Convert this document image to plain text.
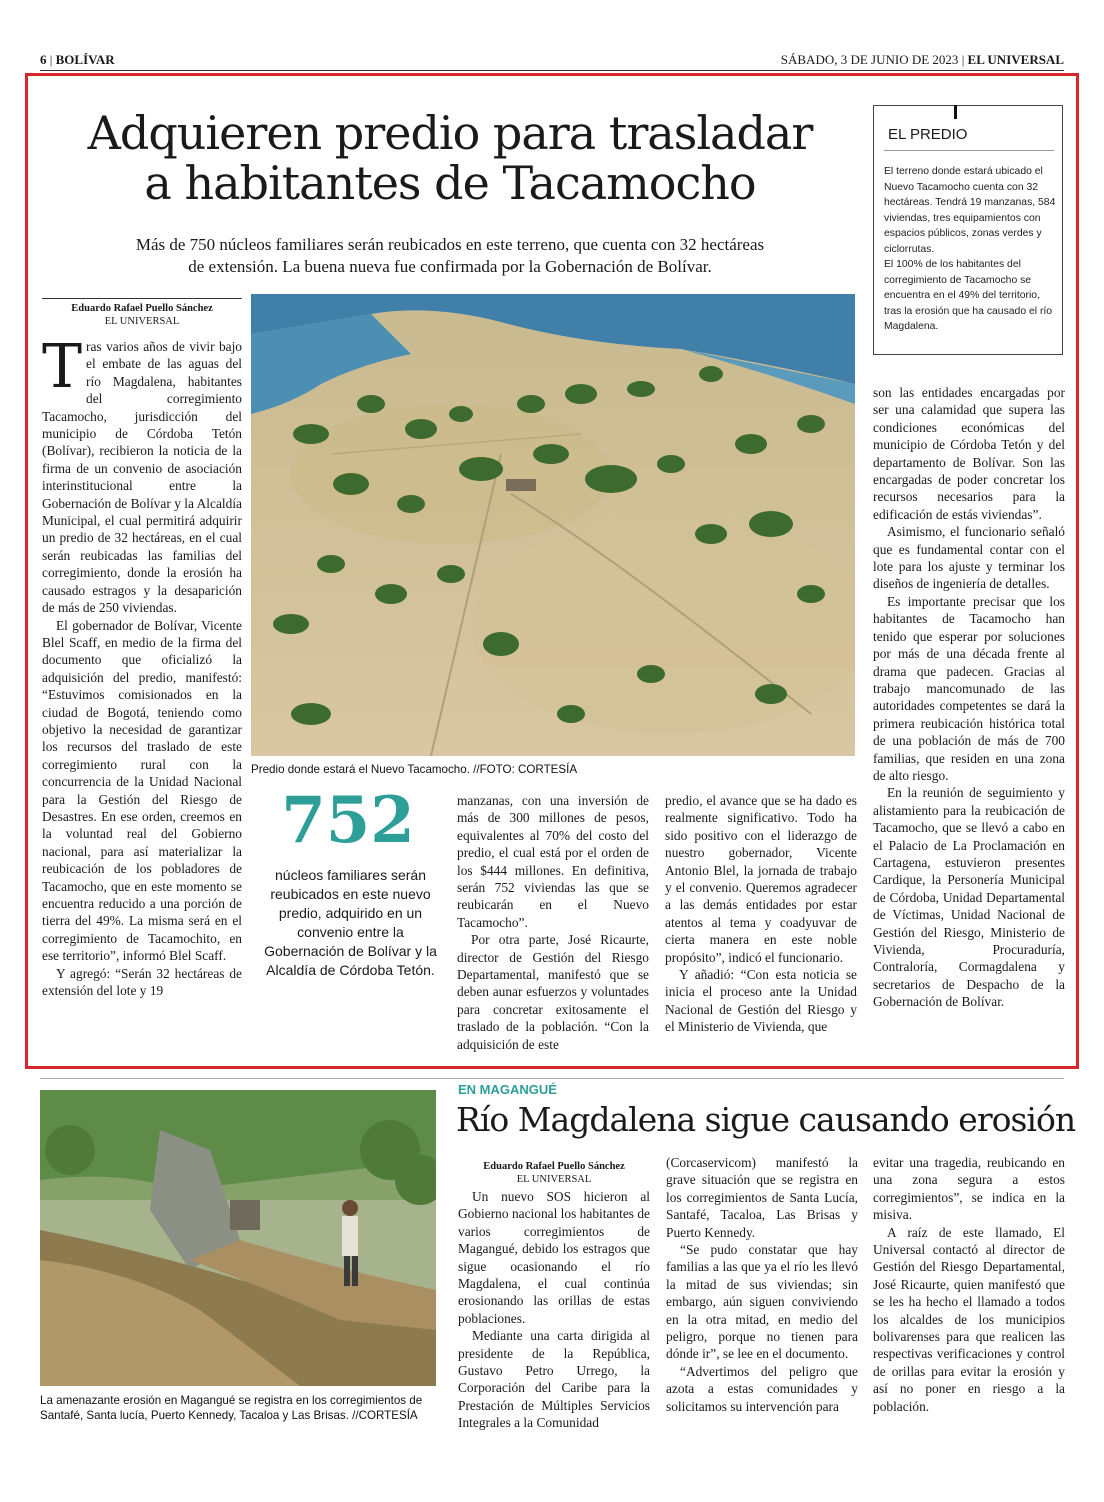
6 | BOLÍVAR	SÁBADO, 3 DE JUNIO DE 2023 | EL UNIVERSAL
Adquieren predio para trasladar
a habitantes de Tacamocho
Más de 750 núcleos familiares serán reubicados en este terreno, que cuenta con 32 hectáreas
de extensión. La buena nueva fue confirmada por la Gobernación de Bolívar.
EL PREDIO
El terreno donde estará ubicado el Nuevo Tacamocho cuenta con 32 hectáreas. Tendrá 19 manzanas, 584 viviendas, tres equipamientos con espacios públicos, zonas verdes y ciclorrutas.
El 100% de los habitantes del corregimiento de Tacamocho se encuentra en el 49% del territorio, tras la erosión que ha causado el río Magdalena.
Eduardo Rafael Puello Sánchez
EL UNIVERSAL

Tras varios años de vivir bajo el embate de las aguas del río Magdalena, habitantes del corregimiento Tacamocho, jurisdicción del municipio de Córdoba Tetón (Bolívar), recibieron la noticia de la firma de un convenio de asociación interinstitucional entre la Gobernación de Bolívar y la Alcaldía Municipal, el cual permitirá adquirir un predio de 32 hectáreas, en el cual serán reubicadas las familias del corregimiento, donde la erosión ha causado estragos y la desaparición de más de 250 viviendas.

El gobernador de Bolívar, Vicente Blel Scaff, en medio de la firma del documento que oficializó la adquisición del predio, manifestó: “Estuvimos comisionados en la ciudad de Bogotá, teniendo como objetivo la necesidad de garantizar los recursos del traslado de este corregimiento rural con la concurrencia de la Unidad Nacional para la Gestión del Riesgo de Desastres. En ese orden, creemos en la voluntad real del Gobierno nacional, para así materializar la reubicación de los pobladores de Tacamocho, que en este momento se encuentra reducido a una porción de tierra del 49%. La misma será en el corregimiento de Tacamochito, en ese territorio”, informó Blel Scaff.

Y agregó: “Serán 32 hectáreas de extensión del lote y 19

Predio donde estará el Nuevo Tacamocho. //FOTO: CORTESÍA
752
núcleos familiares serán reubicados en este nuevo predio, adquirido en un convenio entre la Gobernación de Bolívar y la Alcaldía de Córdoba Tetón.

manzanas, con una inversión de más de 300 millones de pesos, equivalentes al 70% del costo del predio, el cual está por el orden de los $444 millones. En definitiva, serán 752 viviendas las que se reubicarán en el Nuevo Tacamocho”.

Por otra parte, José Ricaurte, director de Gestión del Riesgo Departamental, manifestó que se deben aunar esfuerzos y voluntades para concretar exitosamente el traslado de la población. “Con la adquisición de este

predio, el avance que se ha dado es realmente significativo. Todo ha sido positivo con el liderazgo de nuestro gobernador, Vicente Antonio Blel, la jornada de trabajo y el convenio. Queremos agradecer a las demás entidades por estar atentos al tema y coadyuvar de cierta manera en este noble propósito”, indicó el funcionario.

Y añadió: “Con esta noticia se inicia el proceso ante la Unidad Nacional de Gestión del Riesgo y el Ministerio de Vivienda, que

son las entidades encargadas por ser una calamidad que supera las condiciones económicas del municipio de Córdoba Tetón y del departamento de Bolívar. Son las encargadas de poder concretar los recursos necesarios para la edificación de estás viviendas”.

Asimismo, el funcionario señaló que es fundamental contar con el lote para los ajuste y terminar los diseños de ingeniería de detalles.

Es importante precisar que los habitantes de Tacamocho han tenido que esperar por soluciones por más de una década frente al drama que padecen. Gracias al trabajo mancomunado de las autoridades competentes se dará la primera reubicación histórica total de una población de más de 700 familias, que residen en una zona de alto riesgo.

En la reunión de seguimiento y alistamiento para la reubicación de Tacamocho, que se llevó a cabo en el Palacio de La Proclamación en Cartagena, estuvieron presentes Cardique, la Personería Municipal de Córdoba, Unidad Departamental de Víctimas, Unidad Nacional de Gestión del Riesgo, Ministerio de Vivienda, Procuraduría, Contraloría, Cormagdalena y secretarios de Despacho de la Gobernación de Bolívar.

La amenazante erosión en Magangué se registra en los corregimientos de Santafé, Santa lucía, Puerto Kennedy, Tacaloa y Las Brisas. //CORTESÍA
EN MAGANGUÉ
Río Magdalena sigue causando erosión
Eduardo Rafael Puello Sánchez
EL UNIVERSAL

Un nuevo SOS hicieron al Gobierno nacional los habitantes de varios corregimientos de Magangué, debido los estragos que sigue ocasionando el río Magdalena, el cual continúa erosionando las orillas de estas poblaciones.

Mediante una carta dirigida al presidente de la República, Gustavo Petro Urrego, la Corporación del Caribe para la Prestación de Múltiples Servicios Integrales a la Comunidad

(Corcaservicom) manifestó la grave situación que se registra en los corregimientos de Santa Lucía, Santafé, Tacaloa, Las Brisas y Puerto Kennedy.

“Se pudo constatar que hay familias a las que ya el río les llevó la mitad de sus viviendas; sin embargo, aún siguen conviviendo en la otra mitad, en medio del peligro, porque no tienen para dónde ir”, se lee en el documento.

“Advertimos del peligro que azota a estas comunidades y solicitamos su intervención para

evitar una tragedia, reubicando en una zona segura a estos corregimientos”, se indica en la misiva.

A raíz de este llamado, El Universal contactó al director de Gestión del Riesgo Departamental, José Ricaurte, quien manifestó que se les ha hecho el llamado a todos los alcaldes de los municipios bolivarenses para que realicen las respectivas verificaciones y control de orillas para evitar la erosión y así no poner en riesgo a la población.
